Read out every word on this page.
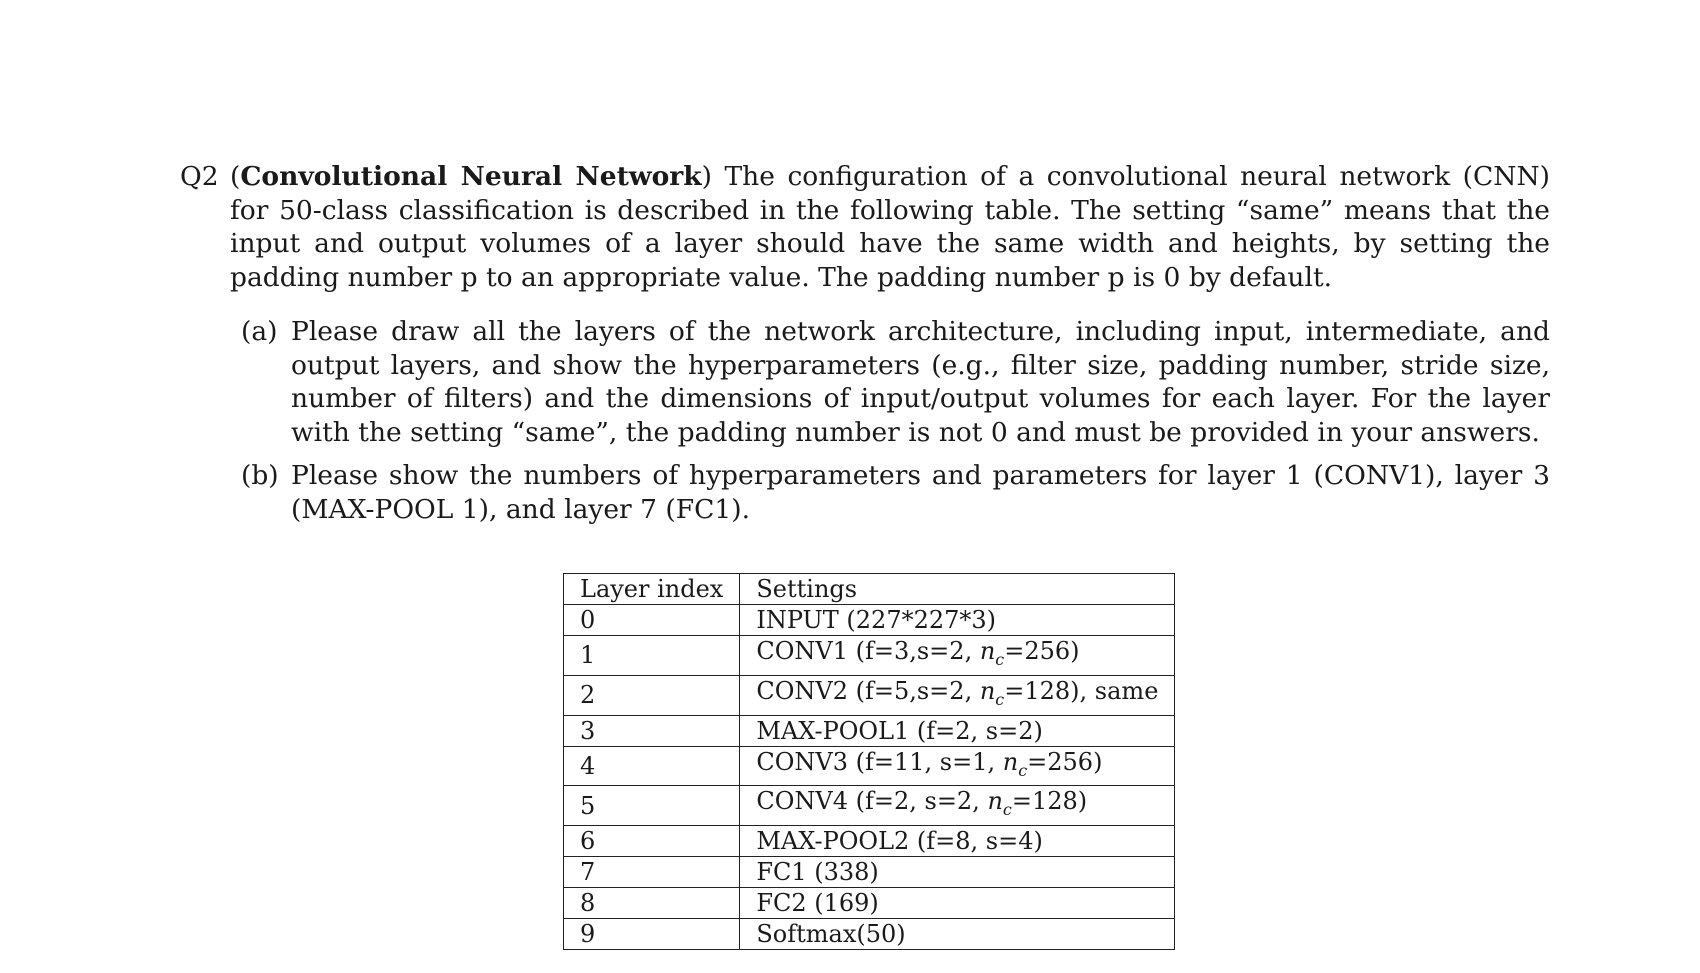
Q2 (Convolutional Neural Network) The configuration of a convolutional neural network (CNN) for 50-class classification is described in the following table. The setting “same” means that the input and output volumes of a layer should have the same width and heights, by setting the padding number p to an appropriate value. The padding number p is 0 by default.
(a) Please draw all the layers of the network architecture, including input, intermediate, and output layers, and show the hyperparameters (e.g., filter size, padding number, stride size, number of filters) and the dimensions of input/output volumes for each layer. For the layer with the setting “same”, the padding number is not 0 and must be provided in your answers.
(b) Please show the numbers of hyperparameters and parameters for layer 1 (CONV1), layer 3 (MAX-POOL 1), and layer 7 (FC1).
Layer index	Settings
0	INPUT (227*227*3)
1	CONV1 (f=3,s=2, $n_c=256$)
2	CONV2 (f=5,s=2, $n_c=128$), same
3	MAX-POOL1 (f=2, s=2)
4	CONV3 (f=11, s=1, $n_c=256$)
5	CONV4 (f=2, s=2, $n_c=128$)
6	MAX-POOL2 (f=8, s=4)
7	FC1 (338)
8	FC2 (169)
9	Softmax(50)
